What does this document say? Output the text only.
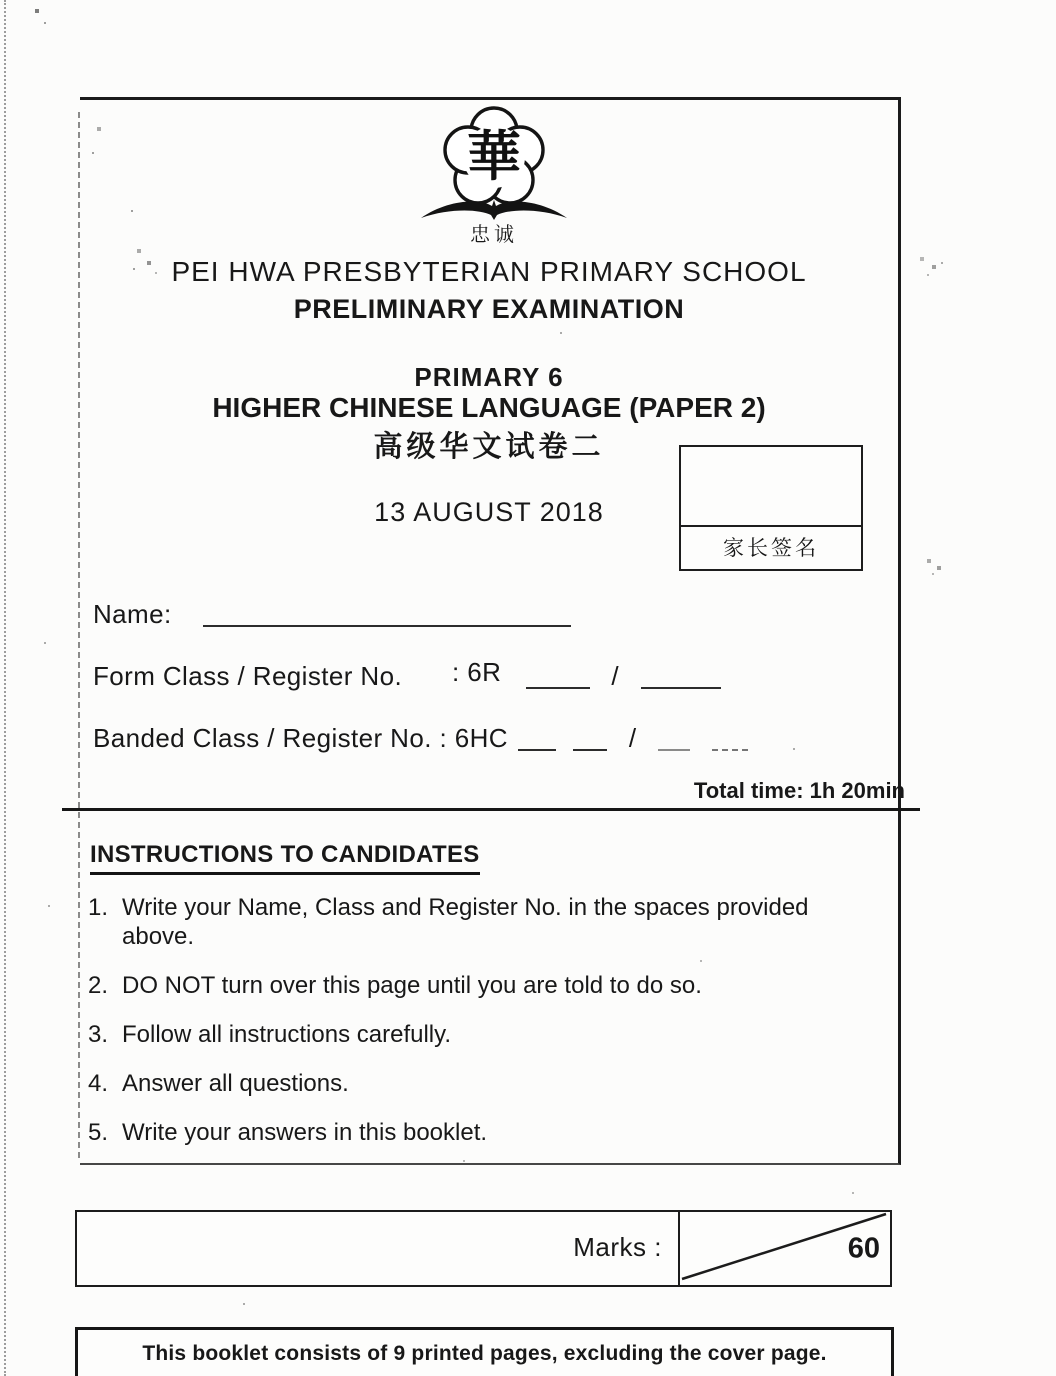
華
忠诚
PEI HWA PRESBYTERIAN PRIMARY SCHOOL
PRELIMINARY EXAMINATION
PRIMARY 6
HIGHER CHINESE LANGUAGE (PAPER 2)
高级华文试卷二
13 AUGUST 2018
家长签名
Name:
Form Class / Register No. : 6R	/
Banded Class / Register No. : 6HC	/
Total time: 1h 20min
INSTRUCTIONS TO CANDIDATES
1. Write your Name, Class and Register No. in the spaces provided above.
2. DO NOT turn over this page until you are told to do so.
3. Follow all instructions carefully.
4. Answer all questions.
5. Write your answers in this booklet.
Marks :	60
This booklet consists of 9 printed pages, excluding the cover page.
